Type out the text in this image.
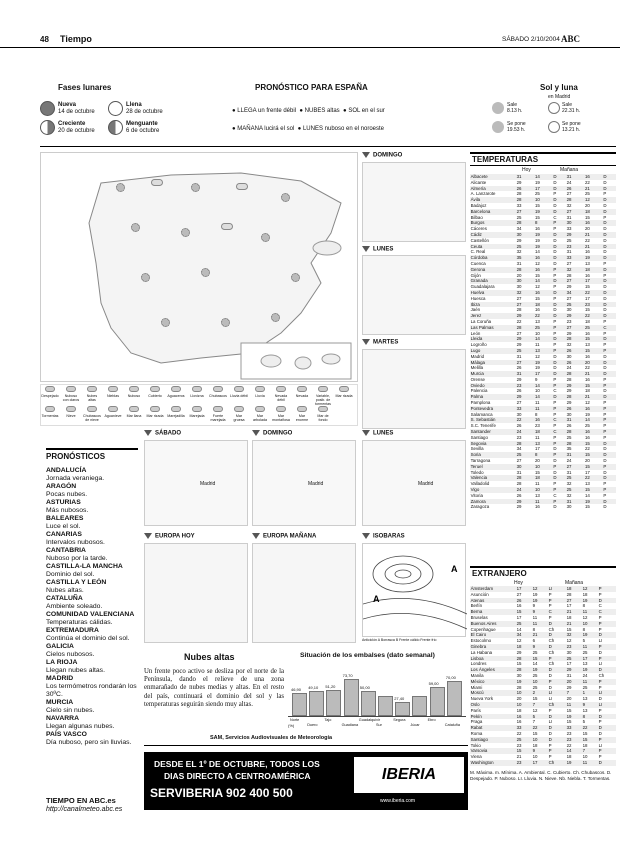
48 Tiempo	SÁBADO 2/10/2004 ABC
Fases lunares
Nueva
14 de octubre
Llena
28 de octubre
Creciente
20 de octubre
Menguante
6 de octubre
PRONÓSTICO PARA ESPAÑA
● LLEGA un frente débil ● NUBES altas ● SOL en el sur
● MAÑANA lucirá el sol ● LUNES nuboso en el noroeste
Sol y luna
en Madrid
Sale
8.13 h.
Sale
22.31 h.
Se pone
19.53 h.
Se pone
13.21 h.
Despejado	Nuboso con claros
Nubes altas
Nieblas	Nuboso	Cubierto	Aguaceros	Llovizna	Chubascos Lluvia débil	Lluvia	Nevada débil
Nevada	Variable, posib. de tormentas
Mar rizada
Tormentas	Nieve	Chubascos de nieve
Aguanieve	Mar llana	Mar rizada Marejadilla	Marejada	Fuerte marejada
Mar gruesa
Mar arbolada
Mar montañosa
Mar enorme
Mar de fondo
DOMINGO
LUNES
MARTES
TEMPERATURAS
Hoy	Mañana
Albacete	31	14	D	31	16	D
Alicante	29	19	D	24	22	D
Almería	26	17	D	26	21	D
A. Lanzarote	28	25	P	27	25	P
Ávila	28	10	D	28	12	D
Badajoz	33	15	D	32	20	D
Barcelona	27	19	D	27	18	D
Bilbao	25	15	C	31	15	P
Burgos	28	8	P	30	16	D
Cáceres	34	16	P	33	20	D
Cádiz	30	19	D	29	21	D
Castellón	29	19	D	25	22	D
Ceuta	25	19	D	23	21	D
C. Real	32	14	D	31	16	D
Córdoba	35	16	D	33	19	D
Cuenca	31	12	D	27	13	P
Gerona	28	16	P	32	18	D
Gijón	20	15	P	28	16	P
Granada	30	14	D	27	17	D
Guadalajara	30	12	P	29	15	D
Huelva	32	16	D	34	22	D
Huesca	27	15	P	27	17	D
Ibiza	27	18	D	25	23	D
Jaén	28	16	D	30	15	D
Jerez	29	22	D	29	22	D
La Coruña	22	13	P	23	18	P
Las Palmas	28	25	P	27	25	C
León	27	10	P	29	16	P
Lleida	29	14	D	28	15	D
Logroño	29	11	P	32	13	P
Lugo	25	13	P	26	15	P
Madrid	31	12	D	30	16	D
Málaga	27	19	D	26	20	D
Melilla	26	19	D	24	22	D
Murcia	31	17	D	28	21	D
Orense	29	9	P	28	16	P
Oviedo	23	14	P	29	15	P
Palencia	26	10	C	29	18	D
Palma	29	14	D	28	21	D
Pamplona	27	11	P	29	12	P
Pontevedra	33	11	P	26	16	P
Salamanca	30	8	P	30	19	P
S. Sebastián	22	16	C	31	14	P
S.C. Tenerife	26	23	P	26	25	P
Santander	24	18	C	28	16	P
Santiago	23	11	P	25	16	P
Segovia	28	13	P	28	15	D
Sevilla	34	17	D	35	22	D
Soria	25	8	P	31	15	D
Tarragona	27	20	D	24	20	D
Teruel	30	10	P	27	15	P
Toledo	31	15	D	31	17	D
Valencia	28	18	D	25	22	D
Valladolid	28	11	P	32	13	P
Vigo	24	10	P	25	15	P
Vitoria	26	13	C	32	14	P
Zamora	29	11	P	31	19	D
Zaragoza	29	16	D	30	15	D
EXTRANJERO
Hoy	Mañana
Ámsterdam	17	12	LI	18	12	P
Asunción	27	19	P	28	18	P
Atenas	26	19	P	27	19	D
Berlín	16	9	P	17	8	C
Berna	15	9	C	21	11	C
Bruselas	17	11	P	18	12	P
Buenos Aires	25	11	D	21	10	P
Copenhague	14	8	Ch	15	8	P
El Cairo	34	21	D	32	19	D
Estocolmo	12	6	Ch	12	5	LI
Ginebra	18	9	D	23	11	P
La Habana	29	25	Ch	30	25	D
Lisboa	28	15	P	25	17	P
Londres	15	14	Ch	17	13	LI
Los Ángeles	28	19	D	29	19	D
Manila	30	25	D	31	24	Ch
México	19	10	P	20	11	P
Miami	28	25	D	29	25	P
Moscú	10	2	LI	7	1	LI
Nueva York	20	15	LI	20	13	D
Oslo	10	7	Ch	11	9	LI
París	18	12	P	15	13	P
Pekín	16	5	D	19	8	D
Praga	16	7	LI	15	5	P
Rabat	33	22	D	33	22	D
Roma	22	15	D	23	15	D
Santiago	25	10	D	23	15	P
Tokio	23	18	P	22	18	LI
Varsovia	15	9	P	14	7	P
Viena	21	10	P	18	10	P
Washington	23	17	Ch	19	11	D
M. Máxima. m. Mínima. A. Ambiental. C. Cubierto. Ch. Chubascos. D. Despejado. P. Nuboso. LI. Lluvia. N. Nieve. Nb. Niebla. T. Tormentas.
PRONÓSTICOS
ANDALUCÍA
Jornada veraniega.
ARAGÓN
Pocas nubes.
ASTURIAS
Más nubosos.
BALEARES
Luce el sol.
CANARIAS
Intervalos nubosos.
CANTABRIA
Nuboso por la tarde.
CASTILLA-LA MANCHA
Dominio del sol.
CASTILLA Y LEÓN
Nubes altas.
CATALUÑA
Ambiente soleado.
COMUNIDAD VALENCIANA
Temperaturas cálidas.
EXTREMADURA
Continúa el dominio del sol.
GALICIA
Cielos nubosos.
LA RIOJA
Llegan nubes altas.
MADRID
Los termómetros rondarán los 30ºC.
MURCIA
Cielo sin nubes.
NAVARRA
Llegan algunas nubes.
PAÍS VASCO
Día nuboso, pero sin lluvias.
TIEMPO EN ABC.es
http://canalmeteo.abc.es
SÁBADO
Madrid
DOMINGO
Madrid
LUNES
Madrid
EUROPA HOY	EUROPA MAÑANA	ISOBARAS
A
A
Anticiclón A Borrasca B Frente cálido Frente frío
Nubes altas
Un frente poco activo se desliza por el norte de la Península, dando el relieve de una zona enmarañado de nubes medias y altas. En el resto del país, continuará el dominio del sol y las temperaturas seguirán siendo muy altas.
Situación de los embalses (dato semanal)
46,90 49,10 51,20
73,70
50,00
27,40
59,00
70,00
Norte
Duero
Tajo
Guadiana
Guadalquivir
Sur
Segura
Júcar
Ebro
Cataluña
(%)
SAM, Servicios Audiovisuales de Meteorología
DESDE EL 1º DE OCTUBRE, TODOS LOS
DIAS DIRECTO A CENTROAMÉRICA
SERVIBERIA 902 400 500
IBERIA
www.iberia.com
